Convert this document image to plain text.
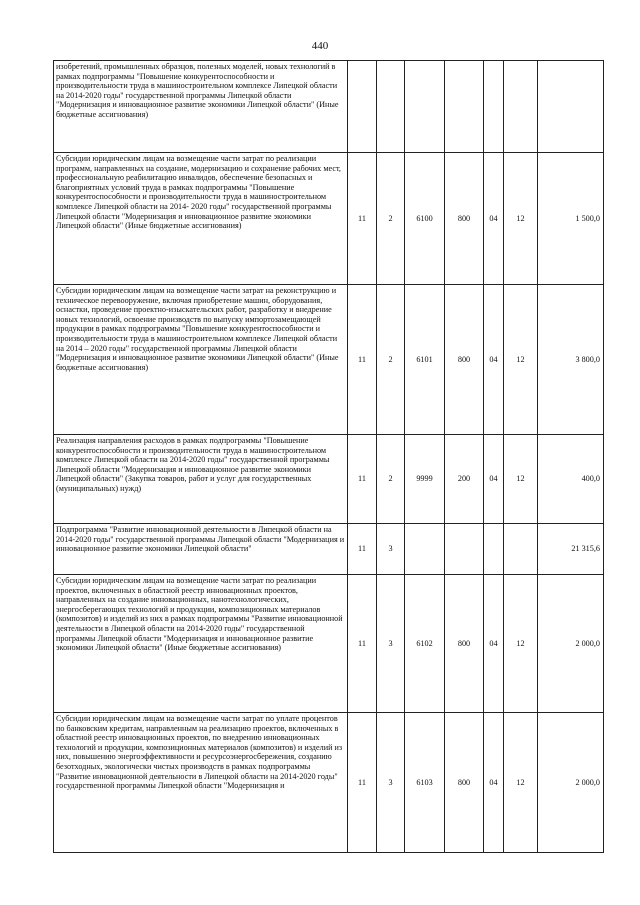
440
изобретений, промышленных образцов, полезных моделей, новых технологий в рамках подпрограммы "Повышение конкурентоспособности и производительности труда в машиностроительном комплексе Липецкой области на 2014-2020 годы" государственной программы Липецкой области "Модернизация и инновационное развитие экономики Липецкой области" (Иные бюджетные ассигнования)							
Субсидии юридическим лицам на возмещение части затрат по реализации программ, направленных на создание, модернизацию и сохранение рабочих мест, профессиональную реабилитацию инвалидов, обеспечение безопасных и благоприятных условий труда в рамках подпрограммы "Повышение конкурентоспособности и производительности труда в машиностроительном комплексе Липецкой области на 2014- 2020 годы" государственной программы Липецкой области "Модернизация и инновационное развитие экономики Липецкой области" (Иные бюджетные ассигнования)	11	2	6100	800	04	12	1 500,0
Субсидии юридическим лицам на возмещение части затрат на реконструкцию и техническое перевооружение, включая приобретение машин, оборудования, оснастки, проведение проектно-изыскательских работ, разработку и внедрение новых технологий, освоение производств по выпуску импортозамещающей продукции в рамках подпрограммы "Повышение конкурентоспособности и производительности труда в машиностроительном комплексе Липецкой области на 2014 – 2020 годы" государственной программы Липецкой области "Модернизация и инновационное развитие экономики Липецкой области" (Иные бюджетные ассигнования)	11	2	6101	800	04	12	3 800,0
Реализация направления расходов в рамках подпрограммы "Повышение конкурентоспособности и производительности труда в машиностроительном комплексе Липецкой области на 2014-2020 годы" государственной программы Липецкой области "Модернизация и инновационное развитие экономики Липецкой области" (Закупка товаров, работ и услуг для государственных (муниципальных) нужд)	11	2	9999	200	04	12	400,0
Подпрограмма "Развитие инновационной деятельности в Липецкой области на 2014-2020 годы" государственной программы Липецкой области "Модернизация и инновационное развитие экономики Липецкой области"	11	3					21 315,6
Субсидии юридическим лицам на возмещение части затрат по реализации проектов, включенных в областной реестр инновационных проектов, направленных на создание инновационных, нанотехнологических, энергосберегающих технологий и продукции, композиционных материалов (композитов) и изделий из них в рамках подпрограммы "Развитие инновационной деятельности в Липецкой области на 2014-2020 годы" государственной программы Липецкой области "Модернизация и инновационное развитие экономики Липецкой области" (Иные бюджетные ассигнования)	11	3	6102	800	04	12	2 000,0
Субсидии юридическим лицам на возмещение части затрат по уплате процентов по банковским кредитам, направленным на реализацию проектов, включенных в областной реестр инновационных проектов, по внедрению инновационных технологий и продукции, композиционных материалов (композитов) и изделий из них, повышению энергоэффективности и ресурсоэнергосбережения, созданию безотходных, экологически чистых производств в рамках подпрограммы "Развитие инновационной деятельности в Липецкой области на 2014-2020 годы" государственной программы Липецкой области "Модернизация и	11	3	6103	800	04	12	2 000,0
